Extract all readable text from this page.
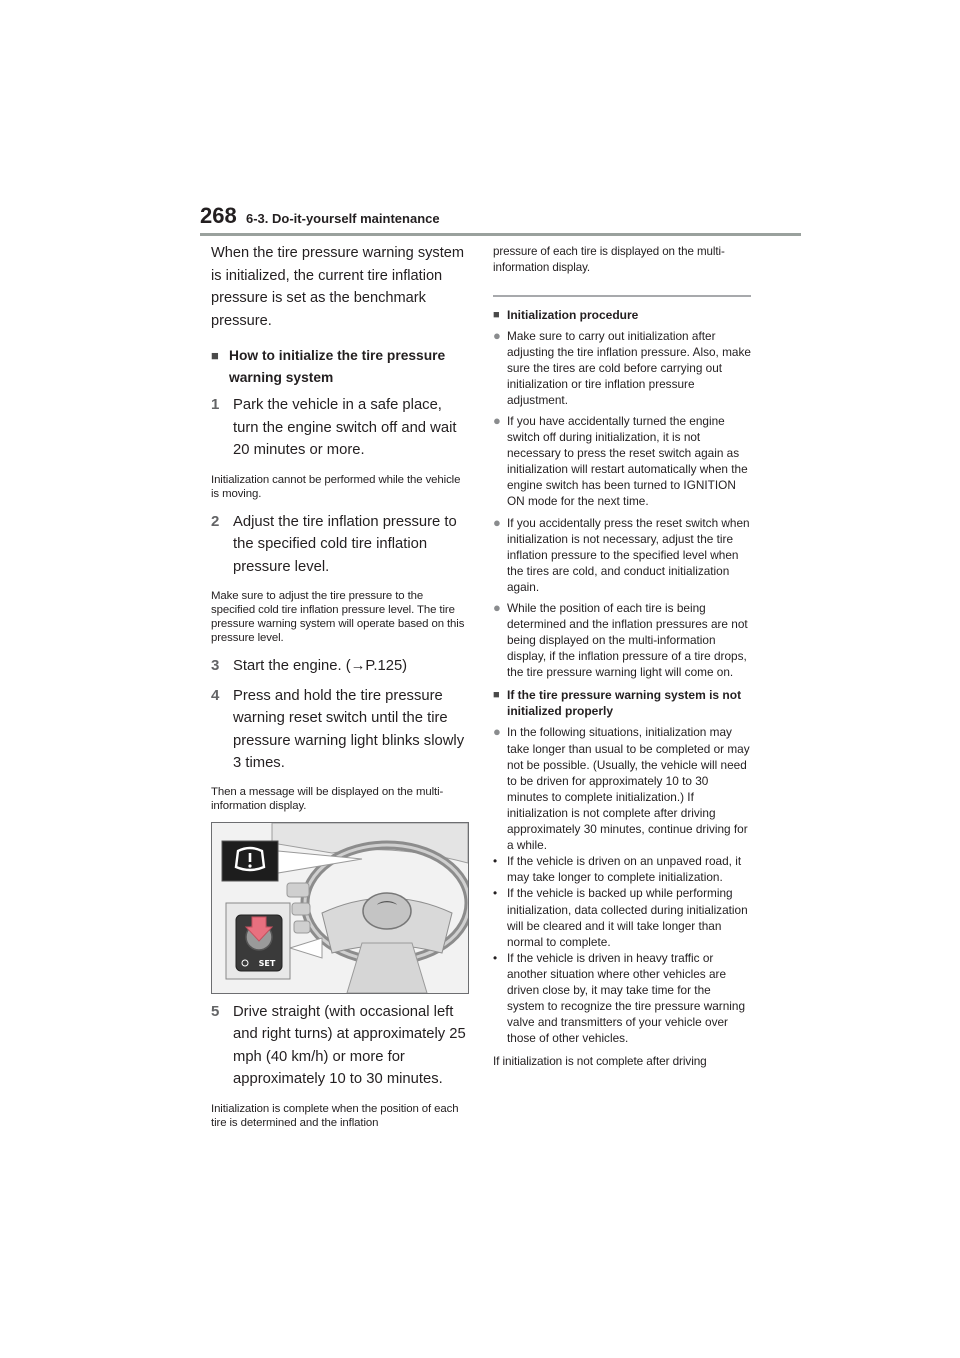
268 6-3. Do-it-yourself maintenance

When the tire pressure warning system is initialized, the current tire inflation pressure is set as the benchmark pressure.

■ How to initialize the tire pressure warning system
1 Park the vehicle in a safe place, turn the engine switch off and wait 20 minutes or more.

Initialization cannot be performed while the vehicle is moving.

2 Adjust the tire inflation pressure to the specified cold tire inflation pressure level.

Make sure to adjust the tire pressure to the specified cold tire inflation pressure level. The tire pressure warning system will operate based on this pressure level.

3 Start the engine. (→P.125)
4 Press and hold the tire pressure warning reset switch until the tire pressure warning light blinks slowly 3 times.

Then a message will be displayed on the multi-information display.

⌒
SET
5 Drive straight (with occasional left and right turns) at approximately 25 mph (40 km/h) or more for approximately 10 to 30 minutes.

Initialization is complete when the position of each tire is determined and the inflation

pressure of each tire is displayed on the multi-information display.

■ Initialization procedure
● Make sure to carry out initialization after adjusting the tire inflation pressure. Also, make sure the tires are cold before carrying out initialization or tire inflation pressure adjustment.
● If you have accidentally turned the engine switch off during initialization, it is not necessary to press the reset switch again as initialization will restart automatically when the engine switch has been turned to IGNITION ON mode for the next time.
● If you accidentally press the reset switch when initialization is not necessary, adjust the tire inflation pressure to the specified level when the tires are cold, and conduct initialization again.
● While the position of each tire is being determined and the inflation pressures are not being displayed on the multi-information display, if the inflation pressure of a tire drops, the tire pressure warning light will come on.
■ If the tire pressure warning system is not initialized properly
● In the following situations, initialization may take longer than usual to be completed or may not be possible. (Usually, the vehicle will need to be driven for approximately 10 to 30 minutes to complete initialization.) If initialization is not complete after driving approximately 30 minutes, continue driving for a while.
• If the vehicle is driven on an unpaved road, it may take longer to complete initialization.
• If the vehicle is backed up while performing initialization, data collected during initialization will be cleared and it will take longer than normal to complete.
• If the vehicle is driven in heavy traffic or another situation where other vehicles are driven close by, it may take time for the system to recognize the tire pressure warning valve and transmitters of your vehicle over those of other vehicles.

If initialization is not complete after driving
